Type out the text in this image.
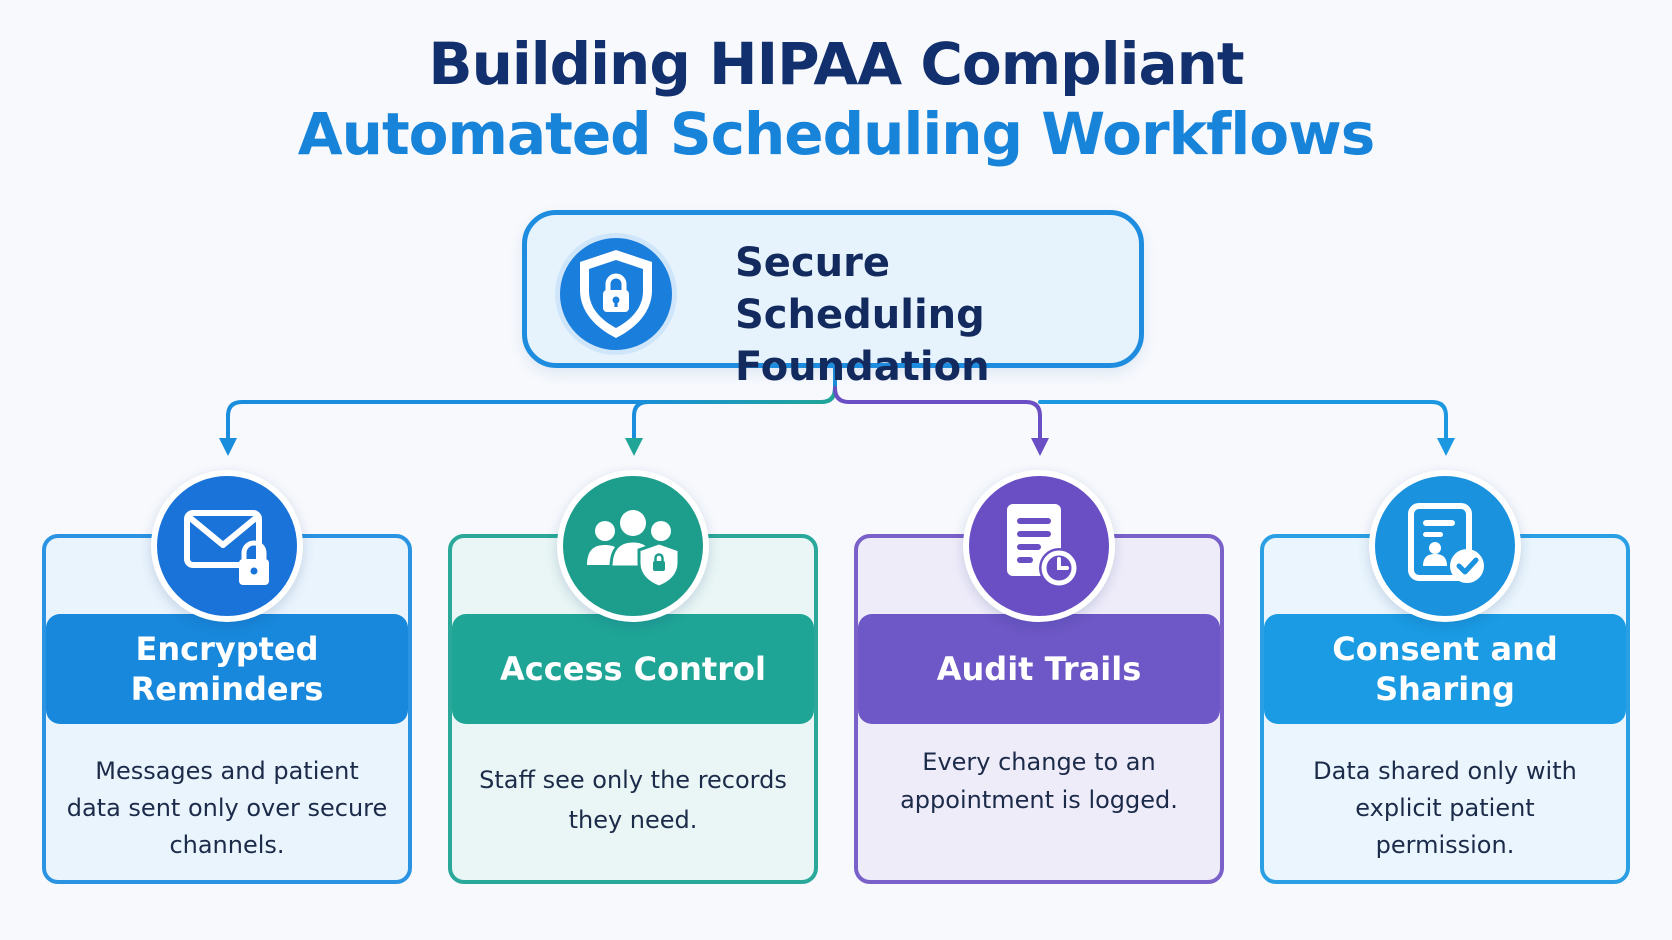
Building HIPAA Compliant
Automated Scheduling Workflows
Secure Scheduling Foundation
Encrypted Reminders
Messages and patient data sent only over secure channels.
Access Control
Staff see only the records they need.
Audit Trails
Every change to an appointment is logged.
Consent and Sharing
Data shared only with explicit patient permission.
